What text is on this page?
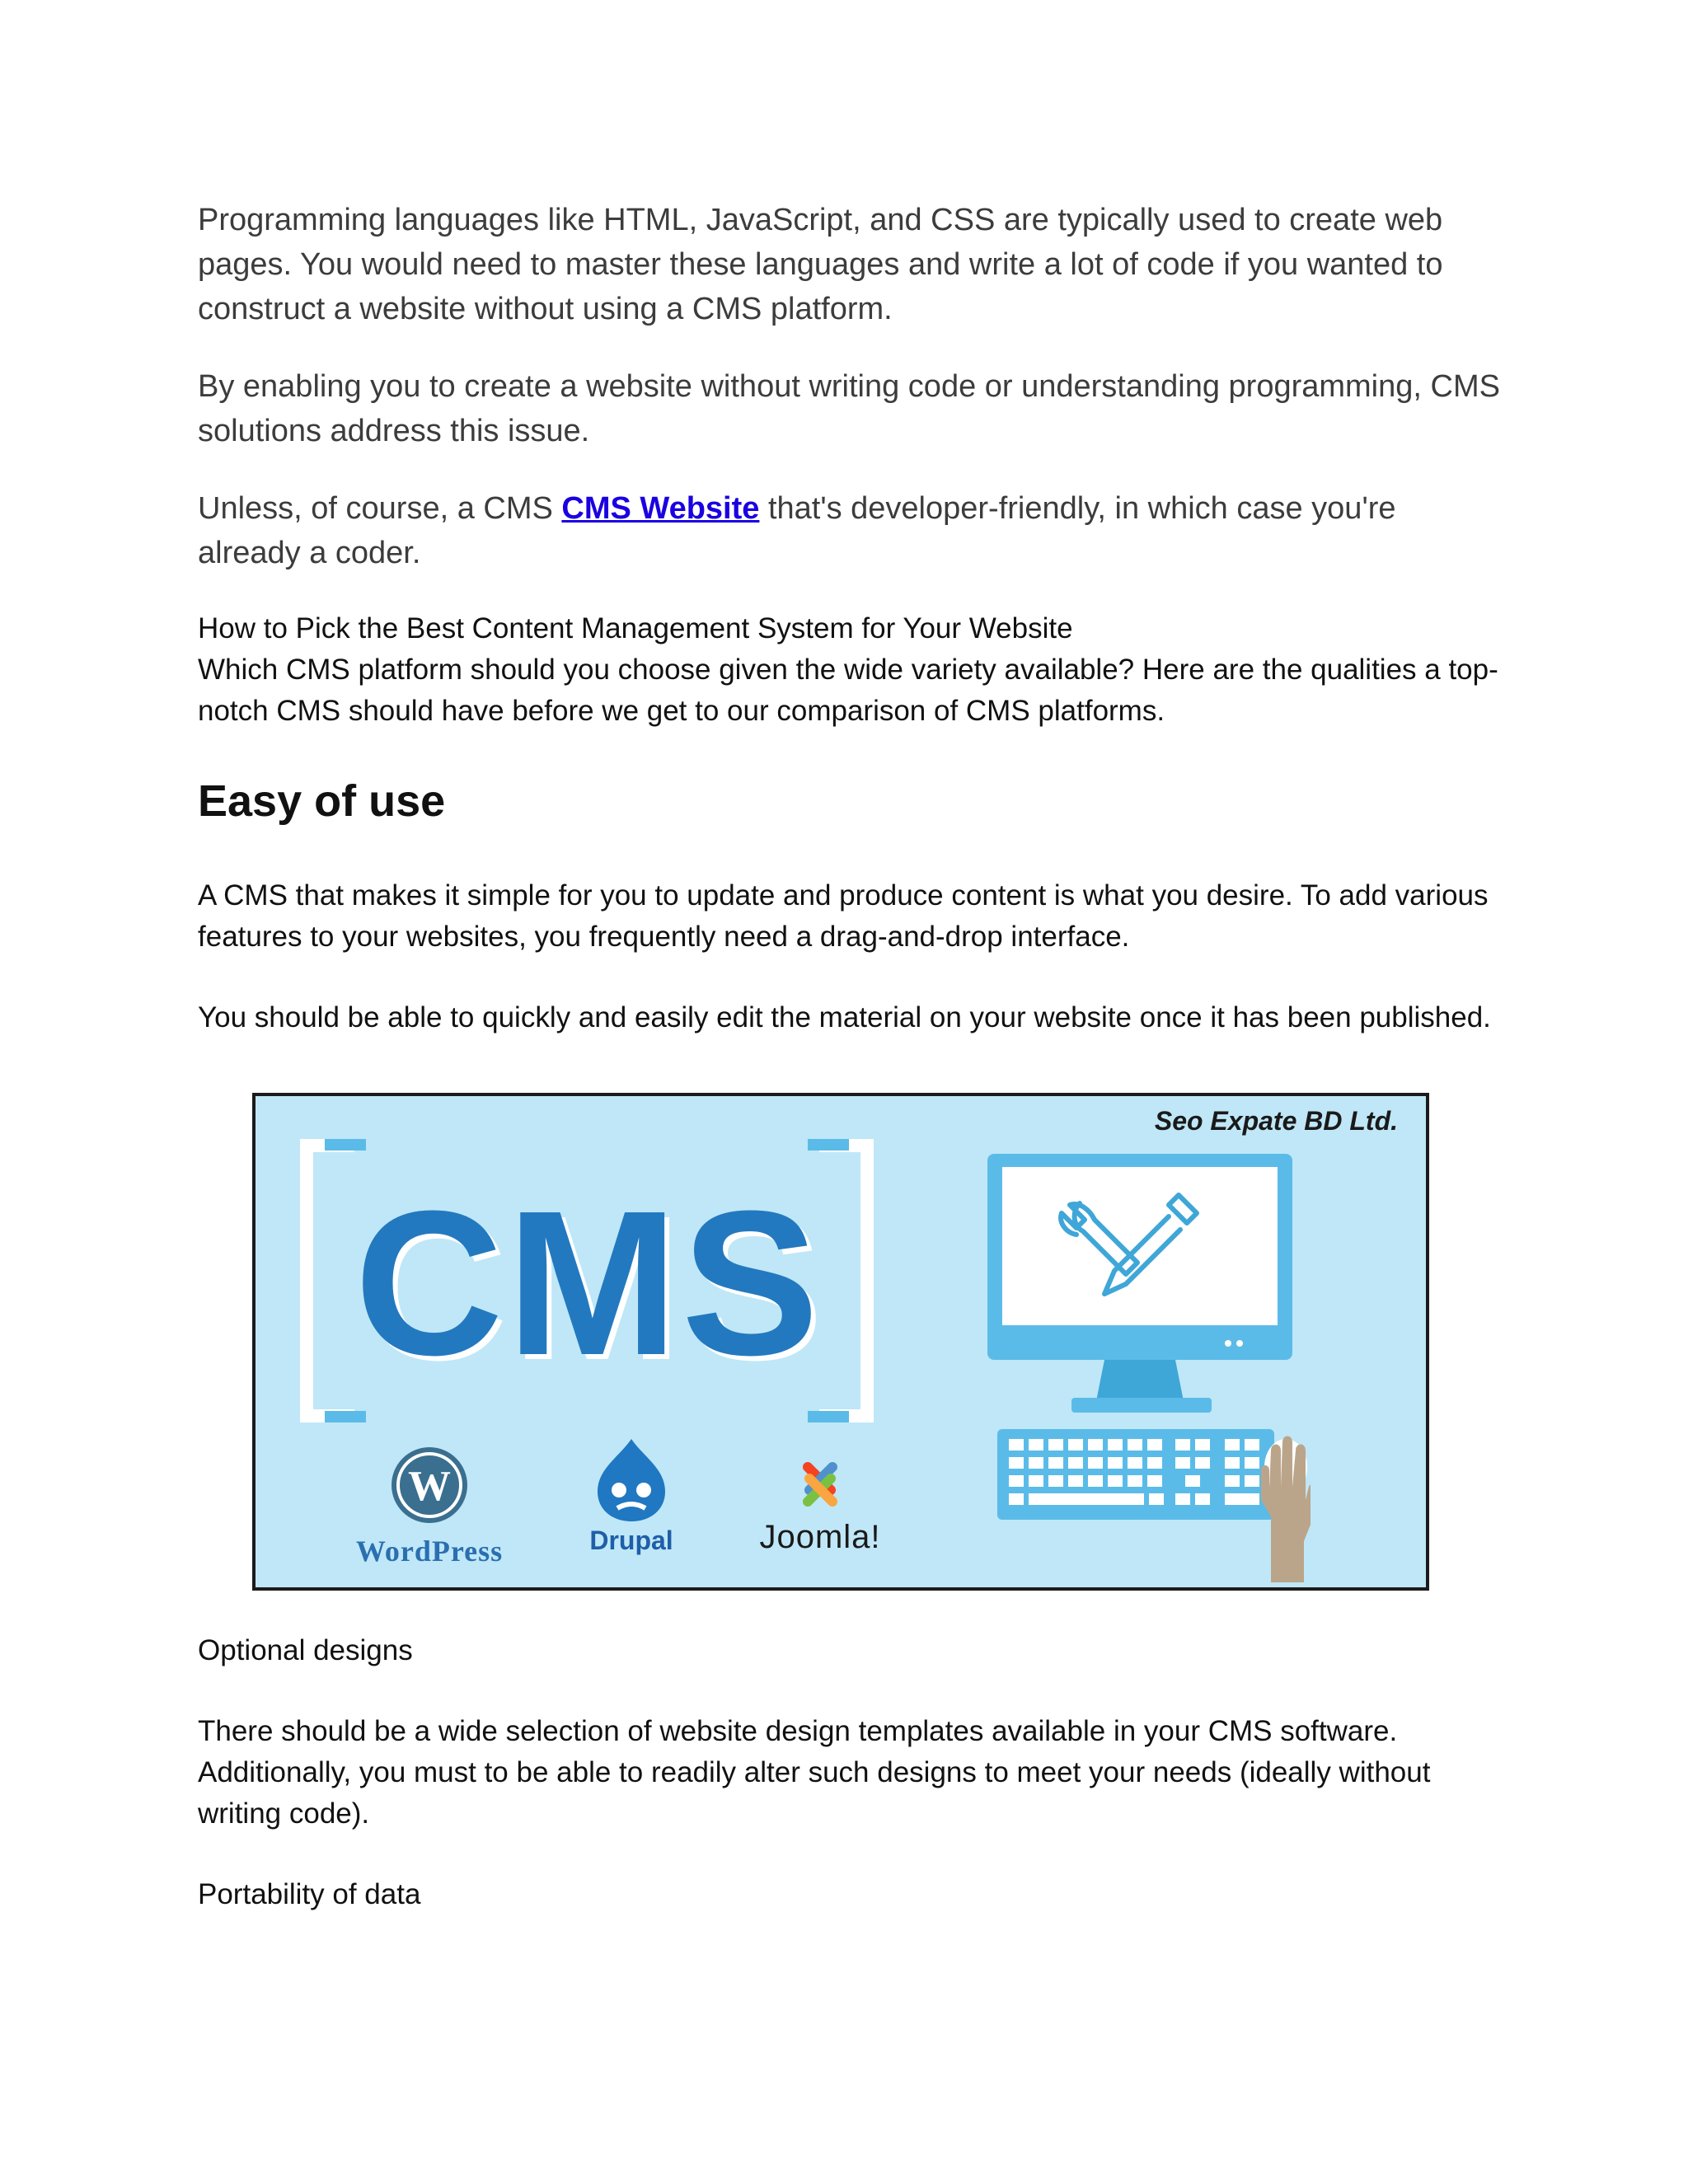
Programming languages like HTML, JavaScript, and CSS are typically used to create web pages. You would need to master these languages and write a lot of code if you wanted to construct a website without using a CMS platform.

By enabling you to create a website without writing code or understanding programming, CMS solutions address this issue.

Unless, of course, a CMS CMS Website that's developer-friendly, in which case you're already a coder.

How to Pick the Best Content Management System for Your Website

Which CMS platform should you choose given the wide variety available? Here are the qualities a top-notch CMS should have before we get to our comparison of CMS platforms.

Easy of use

A CMS that makes it simple for you to update and produce content is what you desire. To add various features to your websites, you frequently need a drag-and-drop interface.

You should be able to quickly and easily edit the material on your website once it has been published.

Seo Expate BD Ltd.
CMS
W
WordPress	Drupal	Joomla!

Optional designs

There should be a wide selection of website design templates available in your CMS software. Additionally, you must to be able to readily alter such designs to meet your needs (ideally without writing code).

Portability of data
